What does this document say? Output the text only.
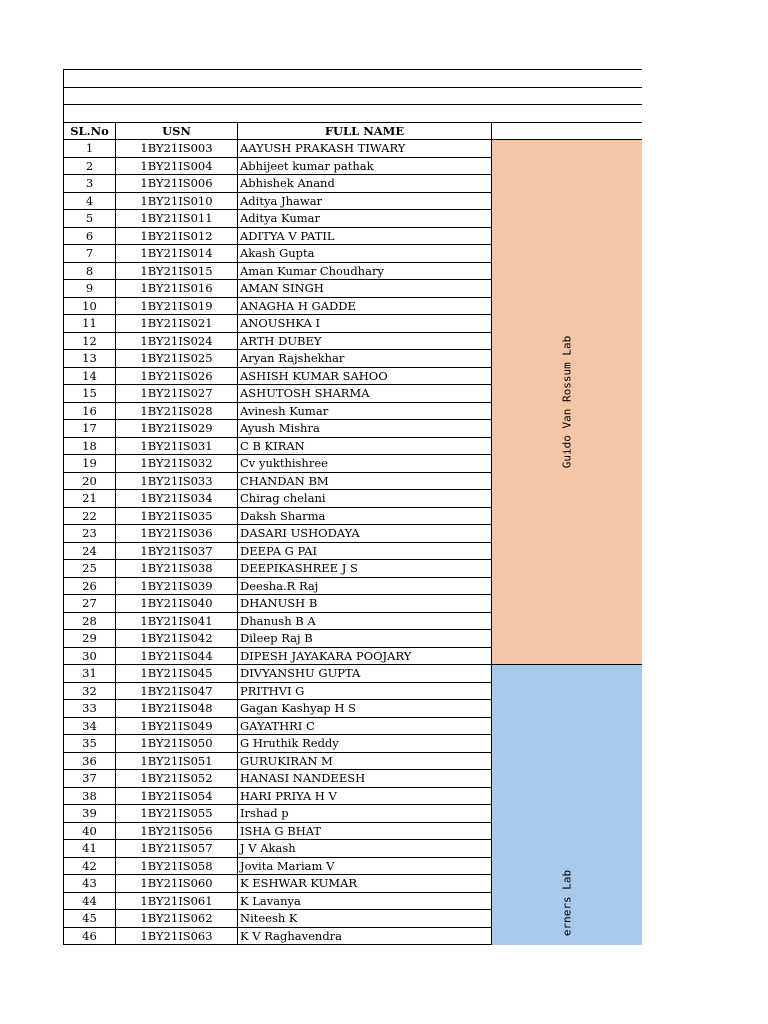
SL.No	USN	FULL NAME	
1	1BY21IS003	AAYUSH PRAKASH TIWARY	Guido Van Rossum Lab

2	1BY21IS004	Abhijeet kumar pathak	
3	1BY21IS006	Abhishek Anand	
4	1BY21IS010	Aditya Jhawar	
5	1BY21IS011	Aditya Kumar	
6	1BY21IS012	ADITYA V PATIL	
7	1BY21IS014	Akash Gupta	
8	1BY21IS015	Aman Kumar Choudhary	
9	1BY21IS016	AMAN SINGH	
10	1BY21IS019	ANAGHA H GADDE	
11	1BY21IS021	ANOUSHKA I	
12	1BY21IS024	ARTH DUBEY	
13	1BY21IS025	Aryan Rajshekhar	
14	1BY21IS026	ASHISH KUMAR SAHOO	
15	1BY21IS027	ASHUTOSH SHARMA	
16	1BY21IS028	Avinesh Kumar	
17	1BY21IS029	Ayush Mishra	
18	1BY21IS031	C B KIRAN	
19	1BY21IS032	Cv yukthishree	
20	1BY21IS033	CHANDAN BM	
21	1BY21IS034	Chirag chelani	
22	1BY21IS035	Daksh Sharma	
23	1BY21IS036	DASARI USHODAYA	
24	1BY21IS037	DEEPA G PAI	
25	1BY21IS038	DEEPIKASHREE J S	
26	1BY21IS039	Deesha.R Raj	
27	1BY21IS040	DHANUSH B	
28	1BY21IS041	Dhanush B A	
29	1BY21IS042	Dileep Raj B	
30	1BY21IS044	DIPESH JAYAKARA POOJARY	
31	1BY21IS045	DIVYANSHU GUPTA	erners Lab

32	1BY21IS047	PRITHVI G	
33	1BY21IS048	Gagan Kashyap H S	
34	1BY21IS049	GAYATHRI C	
35	1BY21IS050	G Hruthik Reddy	
36	1BY21IS051	GURUKIRAN M	
37	1BY21IS052	HANASI NANDEESH	
38	1BY21IS054	HARI PRIYA H V	
39	1BY21IS055	Irshad p	
40	1BY21IS056	ISHA G BHAT	
41	1BY21IS057	J V Akash	
42	1BY21IS058	Jovita Mariam V	
43	1BY21IS060	K ESHWAR KUMAR	
44	1BY21IS061	K Lavanya	
45	1BY21IS062	Niteesh K	
46	1BY21IS063	K V Raghavendra	
